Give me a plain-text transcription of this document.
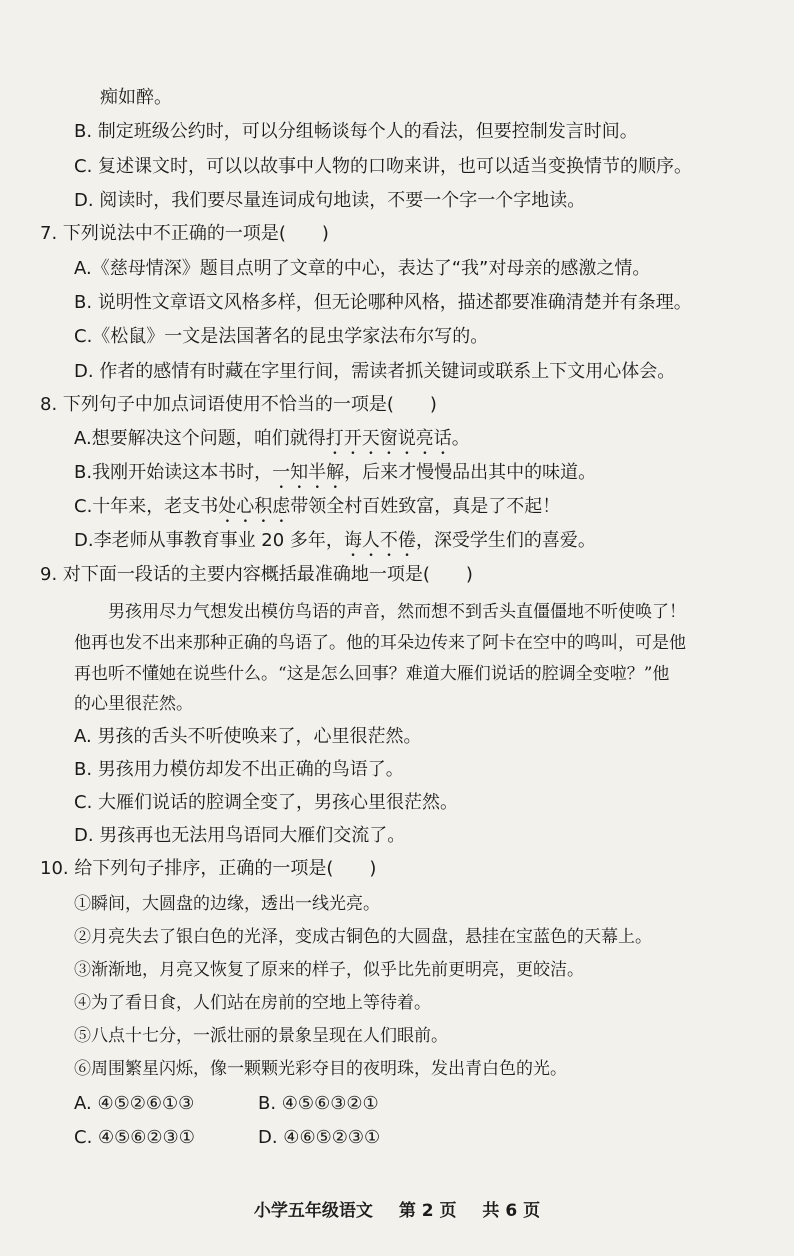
痴如醉。
B. 制定班级公约时，可以分组畅谈每个人的看法，但要控制发言时间。
C. 复述课文时，可以以故事中人物的口吻来讲，也可以适当变换情节的顺序。
D. 阅读时，我们要尽量连词成句地读，不要一个字一个字地读。
7. 下列说法中不正确的一项是(　　)
A.《慈母情深》题目点明了文章的中心，表达了“我”对母亲的感激之情。
B. 说明性文章语文风格多样，但无论哪种风格，描述都要准确清楚并有条理。
C.《松鼠》一文是法国著名的昆虫学家法布尔写的。
D. 作者的感情有时藏在字里行间，需读者抓关键词或联系上下文用心体会。
8. 下列句子中加点词语使用不恰当的一项是(　　)
A.想要解决这个问题，咱们就得打开天窗说亮话。
B.我刚开始读这本书时，一知半解，后来才慢慢品出其中的味道。
C.十年来，老支书处心积虑带领全村百姓致富，真是了不起！
D.李老师从事教育事业 20 多年，诲人不倦，深受学生们的喜爱。
9. 对下面一段话的主要内容概括最准确地一项是(　　)
男孩用尽力气想发出模仿鸟语的声音，然而想不到舌头直僵僵地不听使唤了！
他再也发不出来那种正确的鸟语了。他的耳朵边传来了阿卡在空中的鸣叫，可是他
再也听不懂她在说些什么。“这是怎么回事？难道大雁们说话的腔调全变啦？”他
的心里很茫然。
A. 男孩的舌头不听使唤来了，心里很茫然。
B. 男孩用力模仿却发不出正确的鸟语了。
C. 大雁们说话的腔调全变了，男孩心里很茫然。
D. 男孩再也无法用鸟语同大雁们交流了。
10. 给下列句子排序，正确的一项是(　　)
①瞬间，大圆盘的边缘，透出一线光亮。
②月亮失去了银白色的光泽，变成古铜色的大圆盘，悬挂在宝蓝色的天幕上。
③渐渐地，月亮又恢复了原来的样子，似乎比先前更明亮，更皎洁。
④为了看日食，人们站在房前的空地上等待着。
⑤八点十七分，一派壮丽的景象呈现在人们眼前。
⑥周围繁星闪烁，像一颗颗光彩夺目的夜明珠，发出青白色的光。
A. ④⑤②⑥①③	B. ④⑤⑥③②①
C. ④⑤⑥②③①	D. ④⑥⑤②③①
小学五年级语文 第 2 页 共 6 页
